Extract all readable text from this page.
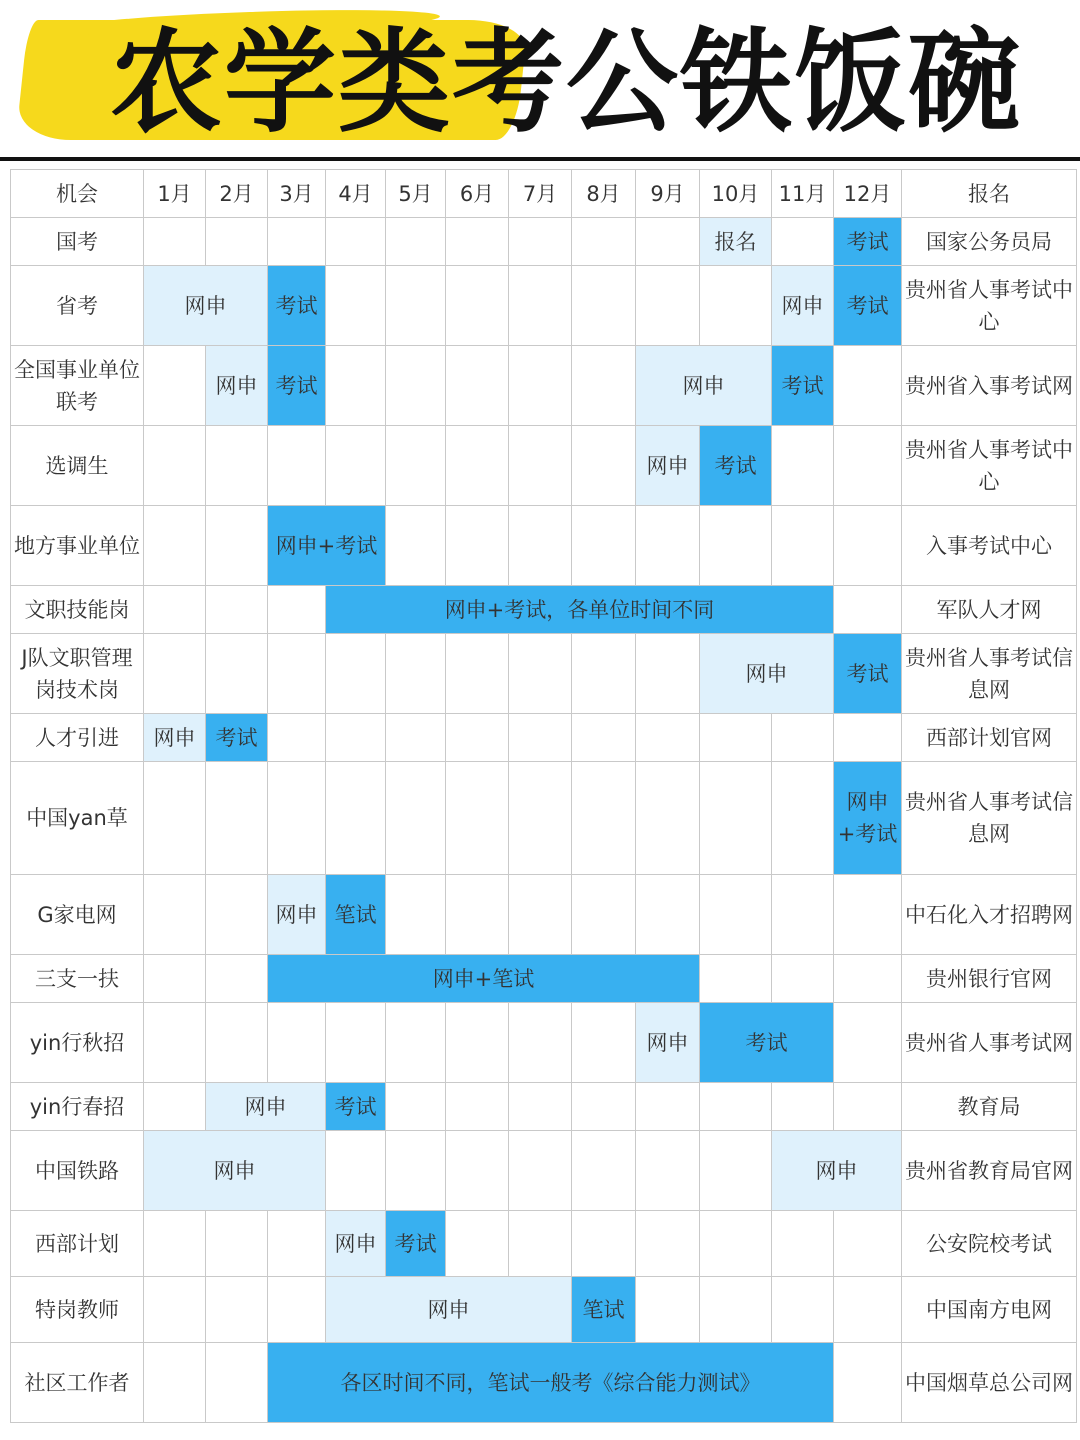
农学类考公铁饭碗
机会	1月	2月	3月	4月	5月	6月	7月	8月	9月	10月	11月	12月	报名
国考										报名		考试	国家公务员局
省考	网申		考试								网申	考试	贵州省人事考试中心
全国事业单位联考		网申	考试						网申		考试		贵州省入事考试网
选调生									网申	考试			贵州省人事考试中心
地方事业单位			网申+考试										入事考试中心
文职技能岗				网申+考试，各单位时间不同									军队人才网
J队文职管理岗技术岗										网申		考试	贵州省人事考试信息网
人才引进	网申	考试											西部计划官网
中国yan草												网申+考试	贵州省人事考试信息网
G家电网			网申	笔试									中石化入才招聘网
三支一扶			网申+笔试										贵州银行官网
yin行秋招									网申	考试			贵州省人事考试网
yin行春招		网申		考试									教育局
中国铁路	网申										网申		贵州省教育局官网
西部计划				网申	考试								公安院校考试
特岗教师				网申				笔试					中国南方电网
社区工作者			各区时间不同，笔试一般考《综合能力测试》										中国烟草总公司网
